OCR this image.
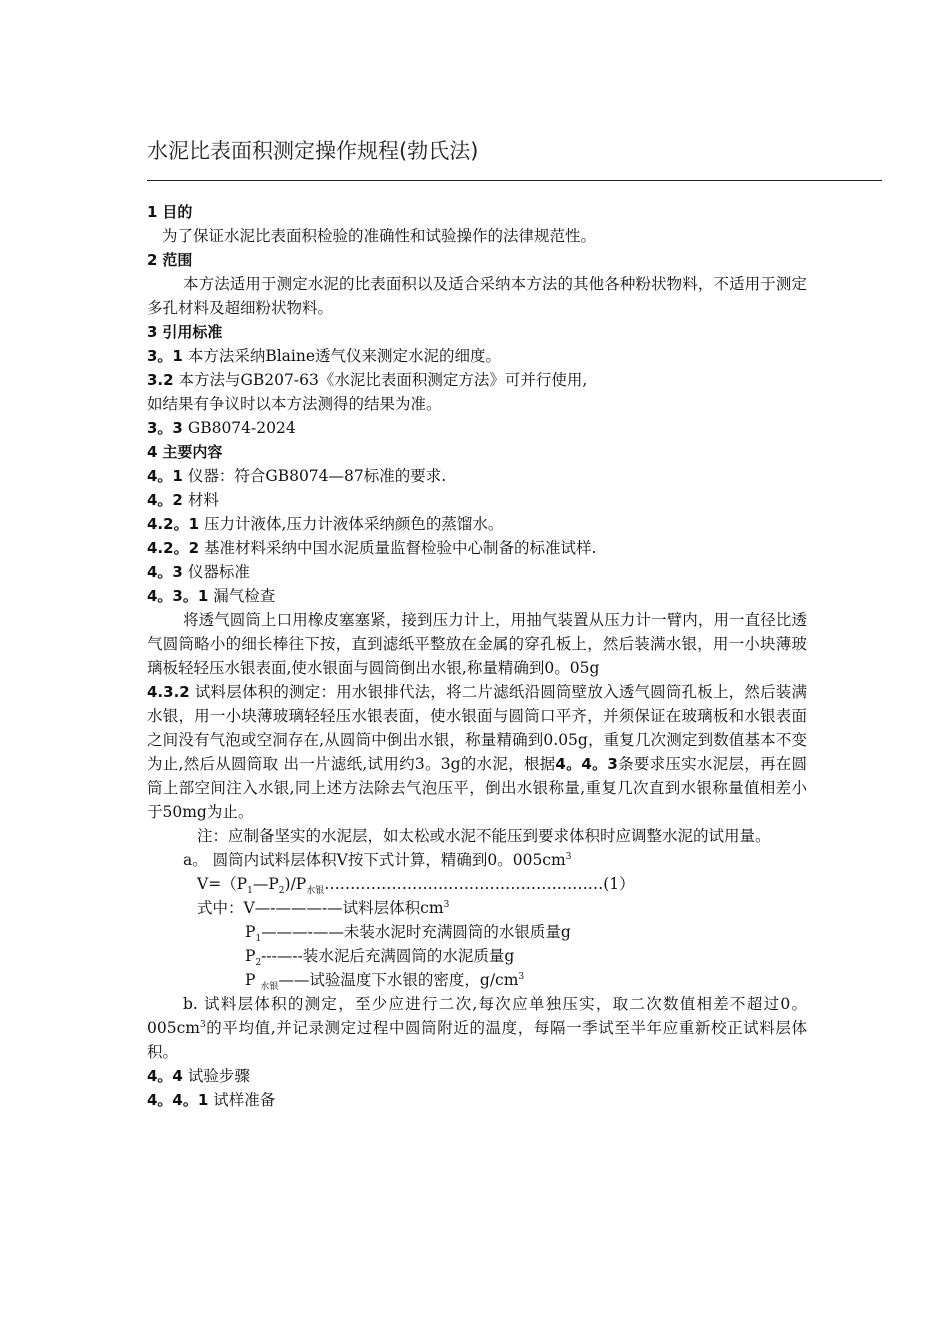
水泥比表面积测定操作规程(勃氏法)

1 目的

为了保证水泥比表面积检验的准确性和试验操作的法律规范性。

2 范围

本方法适用于测定水泥的比表面积以及适合采纳本方法的其他各种粉状物料，不适用于测定多孔材料及超细粉状物料。

3 引用标准

3。1 本方法采纳Blaine透气仪来测定水泥的细度。

3.2 本方法与GB207-63《水泥比表面积测定方法》可并行使用,

如结果有争议时以本方法测得的结果为准。

3。3 GB8074-2024

4 主要内容

4。1 仪器：符合GB8074—87标准的要求.

4。2 材料

4.2。1 压力计液体,压力计液体采纳颜色的蒸馏水。

4.2。2 基准材料采纳中国水泥质量监督检验中心制备的标准试样.

4。3 仪器标准

4。3。1 漏气检查

将透气圆筒上口用橡皮塞塞紧，接到压力计上，用抽气装置从压力计一臂内，用一直径比透气圆筒略小的细长棒往下按，直到滤纸平整放在金属的穿孔板上，然后装满水银，用一小块薄玻璃板轻轻压水银表面,使水银面与圆筒倒出水银,称量精确到0。05g

4.3.2 试料层体积的测定：用水银排代法，将二片滤纸沿圆筒壁放入透气圆筒孔板上，然后装满水银，用一小块薄玻璃轻轻压水银表面，使水银面与圆筒口平齐，并须保证在玻璃板和水银表面之间没有气泡或空洞存在,从圆筒中倒出水银，称量精确到0.05g，重复几次测定到数值基本不变为止,然后从圆筒取 出一片滤纸,试用约3。3g的水泥，根据4。4。3条要求压实水泥层，再在圆筒上部空间注入水银,同上述方法除去气泡压平，倒出水银称量,重复几次直到水银称量值相差小于50mg为止。

注：应制备坚实的水泥层，如太松或水泥不能压到要求体积时应调整水泥的试用量。

a。 圆筒内试料层体积V按下式计算，精确到0。$005cm^3$

$V=(P_1—P_2)/P_{水银}\dots\dots\dots\dots\dots\dots\dots\dots\dots\dots\dots\dots\dots\dots\dots\dots\dots\dots(1)$

式中：V—-———-—试料层体积$cm^3$

$P_1———-——$未装水泥时充满圆筒的水银质量g

$P_2---—--$装水泥后充满圆筒的水泥质量g

P $_{水银}$——试验温度下水银的密度，$g/cm^3$

b. 试料层体积的测定，至少应进行二次,每次应单独压实，取二次数值相差不超过0。$005cm^3$的平均值,并记录测定过程中圆筒附近的温度，每隔一季试至半年应重新校正试料层体积。

4。4 试验步骤

4。4。1 试样准备
